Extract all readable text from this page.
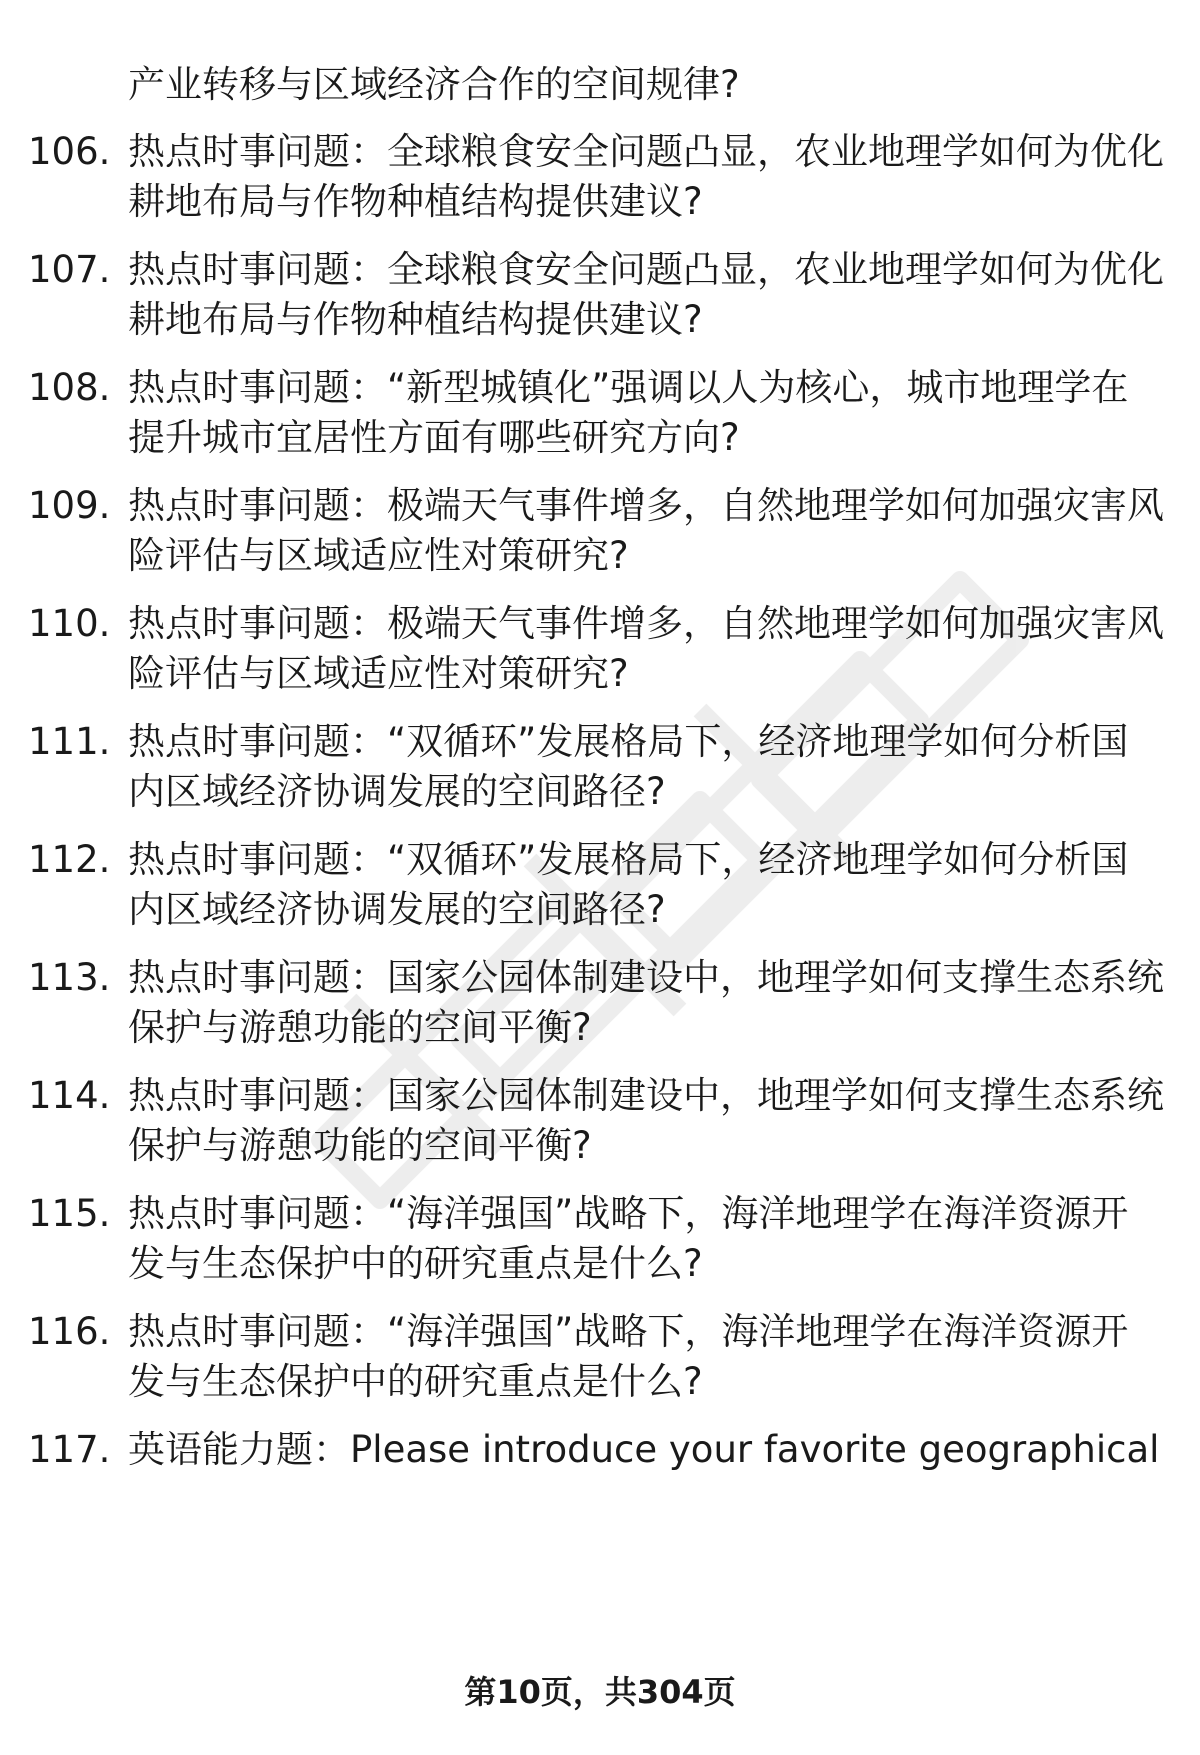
产业转移与区域经济合作的空间规律?
106. 热点时事问题：全球粮食安全问题凸显，农业地理学如何为优化
耕地布局与作物种植结构提供建议?
107. 热点时事问题：全球粮食安全问题凸显，农业地理学如何为优化
耕地布局与作物种植结构提供建议?
108. 热点时事问题：“新型城镇化”强调以人为核心，城市地理学在
提升城市宜居性方面有哪些研究方向?
109. 热点时事问题：极端天气事件增多，自然地理学如何加强灾害风
险评估与区域适应性对策研究?
110. 热点时事问题：极端天气事件增多，自然地理学如何加强灾害风
险评估与区域适应性对策研究?
111. 热点时事问题：“双循环”发展格局下，经济地理学如何分析国
内区域经济协调发展的空间路径?
112. 热点时事问题：“双循环”发展格局下，经济地理学如何分析国
内区域经济协调发展的空间路径?
113. 热点时事问题：国家公园体制建设中，地理学如何支撑生态系统
保护与游憩功能的空间平衡?
114. 热点时事问题：国家公园体制建设中，地理学如何支撑生态系统
保护与游憩功能的空间平衡?
115. 热点时事问题：“海洋强国”战略下，海洋地理学在海洋资源开
发与生态保护中的研究重点是什么?
116. 热点时事问题：“海洋强国”战略下，海洋地理学在海洋资源开
发与生态保护中的研究重点是什么?
117. 英语能力题：Please introduce your favorite geographical
第10页，共304页
